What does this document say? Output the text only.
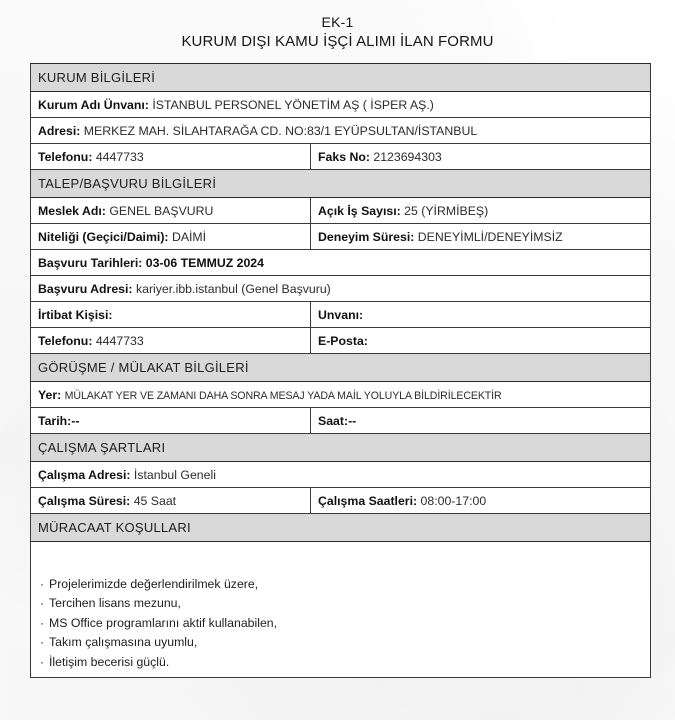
EK-1
KURUM DIŞI KAMU İŞÇİ ALIMI İLAN FORMU
KURUM BİLGİLERİ	
Kurum Adı Ünvanı: İSTANBUL PERSONEL YÖNETİM AŞ ( İSPER AŞ.)	
Adresi: MERKEZ MAH. SİLAHTARAĞA CD. NO:83/1 EYÜPSULTAN/İSTANBUL	
Telefonu: 4447733	Faks No: 2123694303
TALEP/BAŞVURU BİLGİLERİ	
Meslek Adı: GENEL BAŞVURU	Açık İş Sayısı: 25 (YİRMİBEŞ)
Niteliği (Geçici/Daimi): DAİMİ	Deneyim Süresi: DENEYİMLİ/DENEYİMSİZ
Başvuru Tarihleri: 03-06 TEMMUZ 2024	
Başvuru Adresi: kariyer.ibb.istanbul (Genel Başvuru)	
İrtibat Kişisi:	Unvanı:
Telefonu: 4447733	E-Posta:
GÖRÜŞME / MÜLAKAT BİLGİLERİ	
Yer: MÜLAKAT YER VE ZAMANI DAHA SONRA MESAJ YADA MAİL YOLUYLA BİLDİRİLECEKTİR	
Tarih:--	Saat:--
ÇALIŞMA ŞARTLARI	
Çalışma Adresi: İstanbul Geneli	
Çalışma Süresi: 45 Saat	Çalışma Saatleri: 08:00-17:00
MÜRACAAT KOŞULLARI	

· Projelerimizde değerlendirilmek üzere,
· Tercihen lisans mezunu,
· MS Office programlarını aktif kullanabilen,
· Takım çalışmasına uyumlu,
· İletişim becerisi güçlü.	
